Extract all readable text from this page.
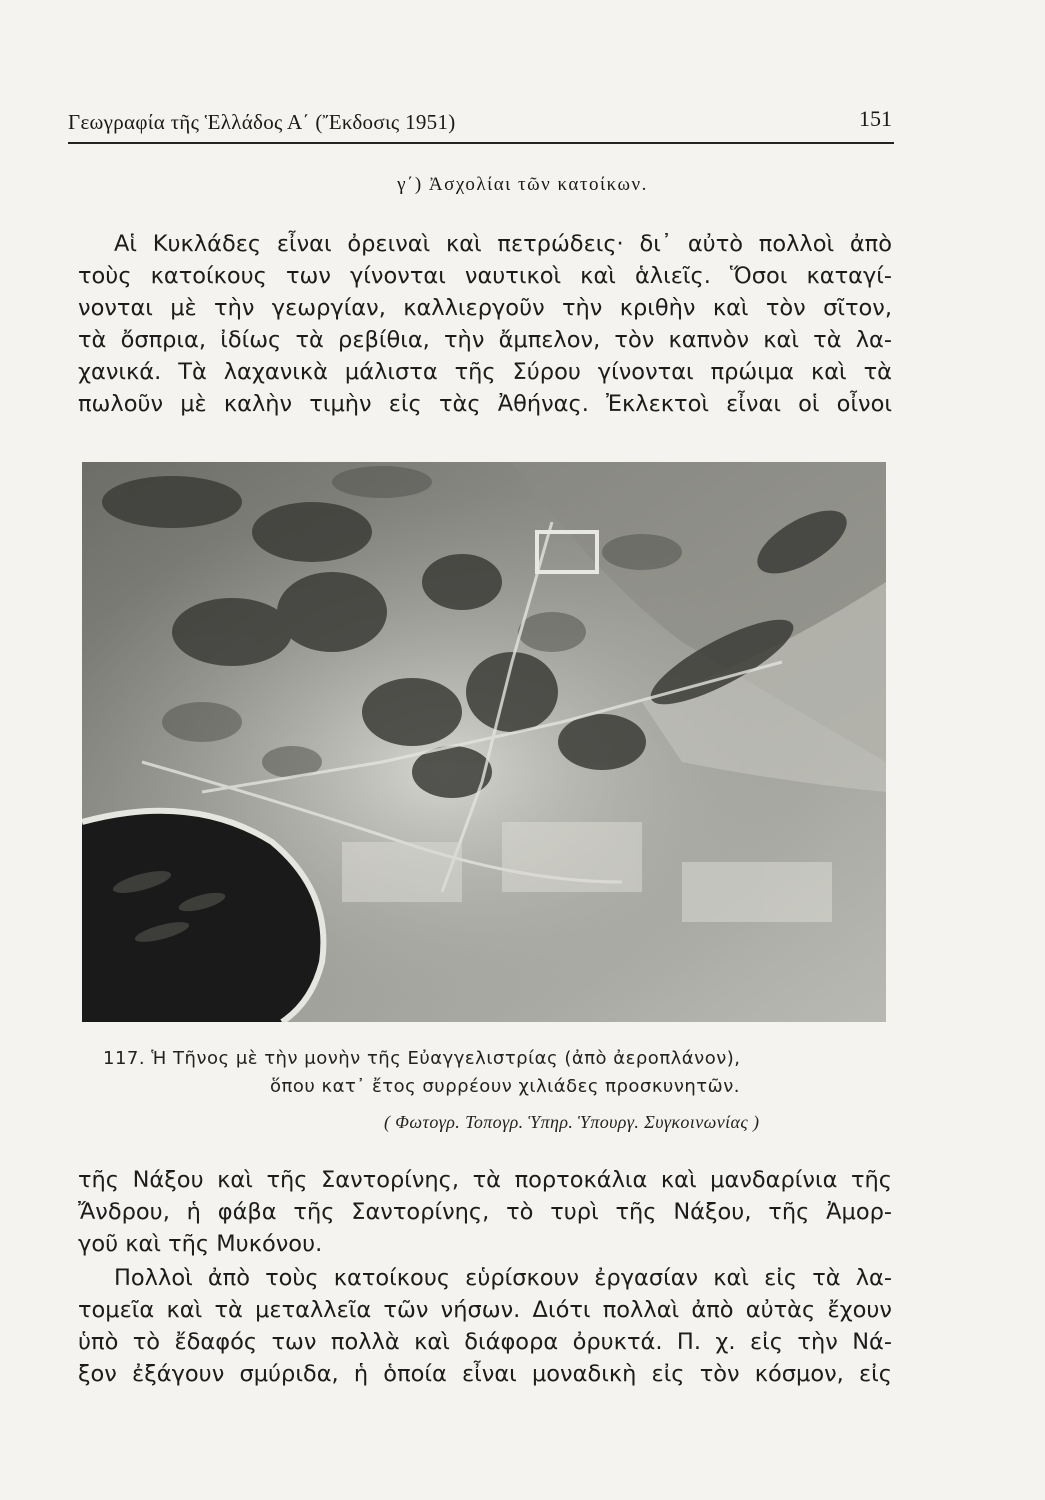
Γεωγραφία τῆς Ἑλλάδος Α΄ (Ἔκδοσις 1951)	151
γ΄) Ἀσχολίαι τῶν κατοίκων.
Αἱ Κυκλάδες εἶναι ὀρειναὶ καὶ πετρώδεις· δι᾿ αὐτὸ πολλοὶ ἀπὸ
τοὺς κατοίκους των γίνονται ναυτικοὶ καὶ ἁλιεῖς. Ὅσοι καταγί-
νονται μὲ τὴν γεωργίαν, καλλιεργοῦν τὴν κριθὴν καὶ τὸν σῖτον,
τὰ ὄσπρια, ἰδίως τὰ ρεβίθια, τὴν ἄμπελον, τὸν καπνὸν καὶ τὰ λα-
χανικά. Τὰ λαχανικὰ μάλιστα τῆς Σύρου γίνονται πρώιμα καὶ τὰ
πωλοῦν μὲ καλὴν τιμὴν εἰς τὰς Ἀθήνας. Ἐκλεκτοὶ εἶναι οἱ οἶνοι
117. Ἡ Τῆνος μὲ τὴν μονὴν τῆς Εὐαγγελιστρίας (ἀπὸ ἀεροπλάνον),
ὅπου κατ᾿ ἔτος συρρέουν χιλιάδες προσκυνητῶν.
( Φωτογρ. Τοπογρ. Ὑπηρ. Ὑπουργ. Συγκοινωνίας )
τῆς Νάξου καὶ τῆς Σαντορίνης, τὰ πορτοκάλια καὶ μανδαρίνια τῆς
Ἄνδρου, ἡ φάβα τῆς Σαντορίνης, τὸ τυρὶ τῆς Νάξου, τῆς Ἀμορ-
γοῦ καὶ τῆς Μυκόνου.
Πολλοὶ ἀπὸ τοὺς κατοίκους εὑρίσκουν ἐργασίαν καὶ εἰς τὰ λα-
τομεῖα καὶ τὰ μεταλλεῖα τῶν νήσων. Διότι πολλαὶ ἀπὸ αὐτὰς ἔχουν
ὑπὸ τὸ ἔδαφός των πολλὰ καὶ διάφορα ὀρυκτά. Π. χ. εἰς τὴν Νά-
ξον ἐξάγουν σμύριδα, ἡ ὁποία εἶναι μοναδικὴ εἰς τὸν κόσμον, εἰς
